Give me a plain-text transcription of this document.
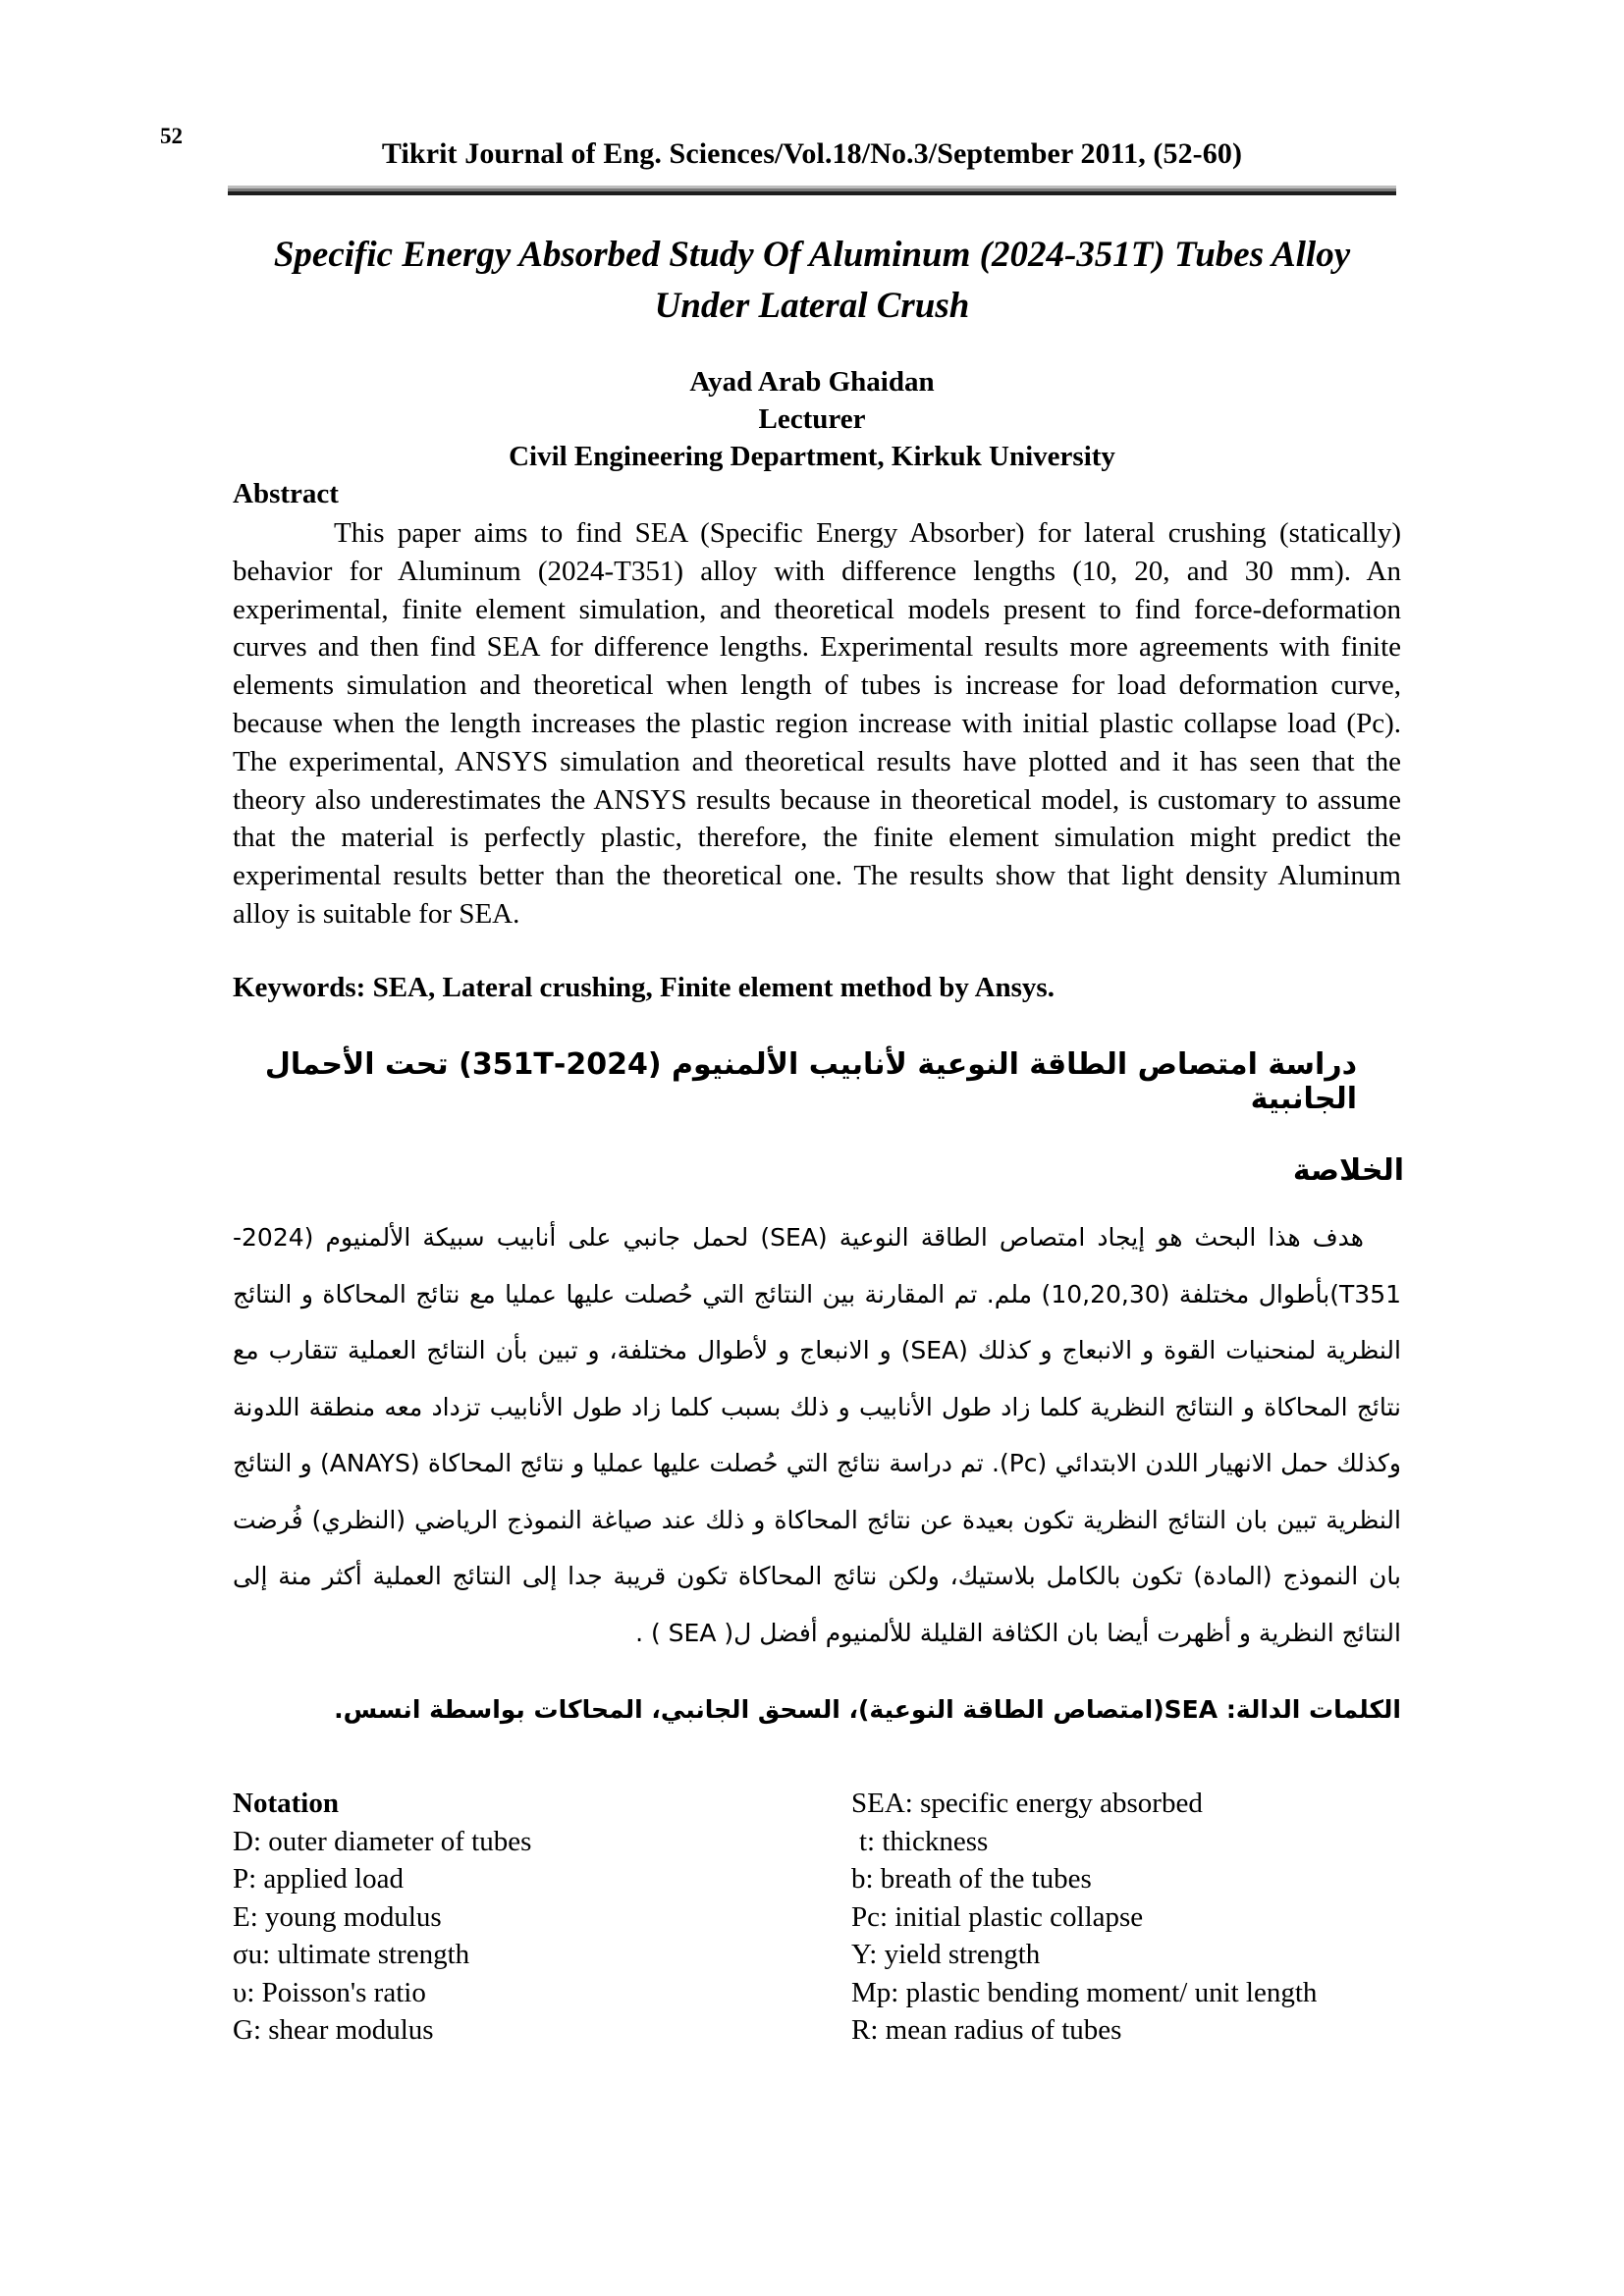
52
Tikrit Journal of Eng. Sciences/Vol.18/No.3/September 2011, (52-60)
Specific Energy Absorbed Study Of Aluminum (2024-351T) Tubes Alloy
Under Lateral Crush
Ayad Arab Ghaidan
Lecturer
Civil Engineering Department, Kirkuk University
Abstract

This paper aims to find SEA (Specific Energy Absorber) for lateral crushing (statically) behavior for Aluminum (2024-T351) alloy with difference lengths (10, 20, and 30 mm). An experimental, finite element simulation, and theoretical models present to find force-deformation curves and then find SEA for difference lengths. Experimental results more agreements with finite elements simulation and theoretical when length of tubes is increase for load deformation curve, because when the length increases the plastic region increase with initial plastic collapse load (Pc). The experimental, ANSYS simulation and theoretical results have plotted and it has seen that the theory also underestimates the ANSYS results because in theoretical model, is customary to assume that the material is perfectly plastic, therefore, the finite element simulation might predict the experimental results better than the theoretical one. The results show that light density Aluminum alloy is suitable for SEA.

Keywords: SEA, Lateral crushing, Finite element method by Ansys.
دراسة امتصاص الطاقة النوعية لأنابيب الألمنيوم (2024-351T) تحت الأحمال الجانبية
الخلاصة

هدف هذا البحث هو إيجاد امتصاص الطاقة النوعية (SEA) لحمل جانبي على أنابيب سبيكة الألمنيوم (2024-T351)بأطوال مختلفة (10,20,30) ملم. تم المقارنة بين النتائج التي حُصلت عليها عمليا مع نتائج المحاكاة و النتائج النظرية لمنحنيات القوة و الانبعاج و كذلك (SEA) و الانبعاج و لأطوال مختلفة، و تبين بأن النتائج العملية تتقارب مع نتائج المحاكاة و النتائج النظرية كلما زاد طول الأنابيب و ذلك بسبب كلما زاد طول الأنابيب تزداد معه منطقة اللدونة وكذلك حمل الانهيار اللدن الابتدائي (Pc). تم دراسة نتائج التي حُصلت عليها عمليا و نتائج المحاكاة (ANAYS) و النتائج النظرية تبين بان النتائج النظرية تكون بعيدة عن نتائج المحاكاة و ذلك عند صياغة النموذج الرياضي (النظري) فُرضت بان النموذج (المادة) تكون بالكامل بلاستيك، ولكن نتائج المحاكاة تكون قريبة جدا إلى النتائج العملية أكثر منة إلى النتائج النظرية و أظهرت أيضا بان الكثافة القليلة للألمنيوم أفضل ل( SEA ) .

الكلمات الدالة: SEA(امتصاص الطاقة النوعية)، السحق الجانبي، المحاكات بواسطة انسس.
Notation
D: outer diameter of tubes
P: applied load
E: young modulus
σu: ultimate strength
υ: Poisson's ratio
G: shear modulus
SEA: specific energy absorbed
t: thickness
b: breath of the tubes
Pc: initial plastic collapse
Y: yield strength
Mp: plastic bending moment/ unit length
R: mean radius of tubes
